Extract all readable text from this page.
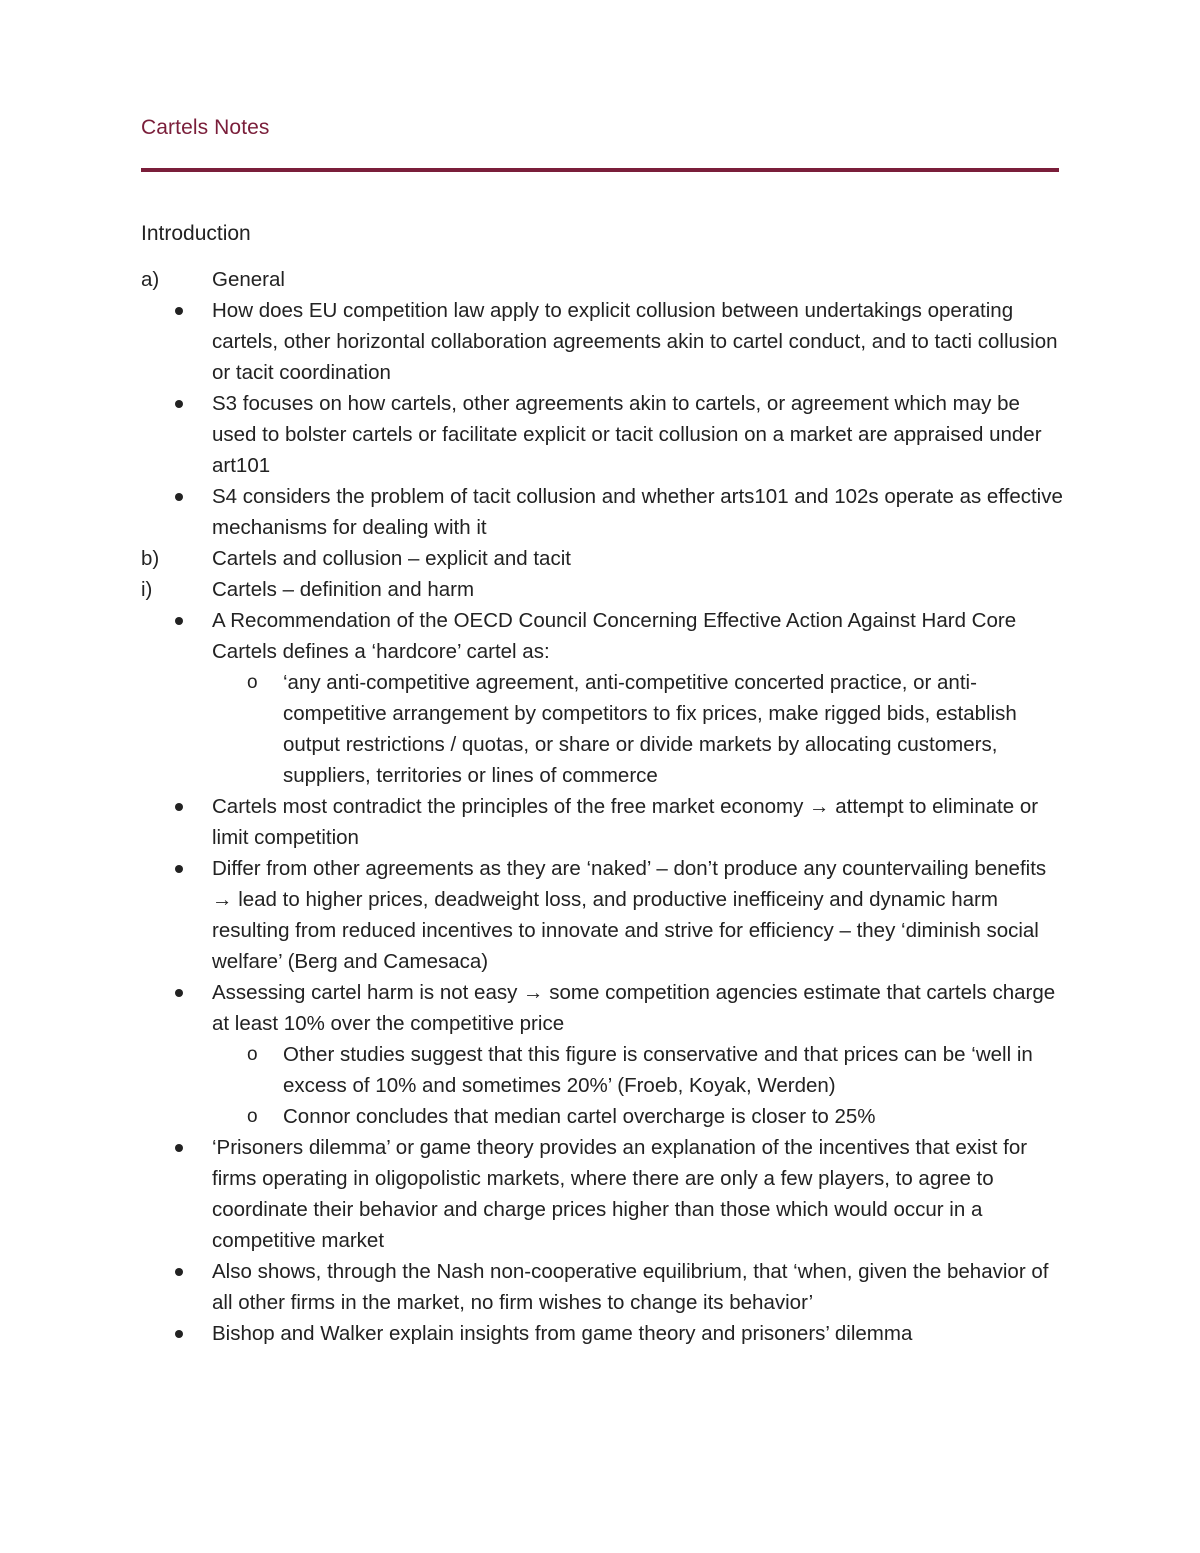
Cartels Notes
Introduction
a)	General
How does EU competition law apply to explicit collusion between undertakings operating cartels, other horizontal collaboration agreements akin to cartel conduct, and to tacti collusion or tacit coordination
S3 focuses on how cartels, other agreements akin to cartels, or agreement which may be used to bolster cartels or facilitate explicit or tacit collusion on a market are appraised under art101
S4 considers the problem of tacit collusion and whether arts101 and 102s operate as effective mechanisms for dealing with it
b)	Cartels and collusion – explicit and tacit
i)	Cartels – definition and harm
A Recommendation of the OECD Council Concerning Effective Action Against Hard Core Cartels defines a ‘hardcore’ cartel as:
o	‘any anti-competitive agreement, anti-competitive concerted practice, or anti-competitive arrangement by competitors to fix prices, make rigged bids, establish output restrictions / quotas, or share or divide markets by allocating customers, suppliers, territories or lines of commerce
Cartels most contradict the principles of the free market economy → attempt to eliminate or limit competition
Differ from other agreements as they are ‘naked’ – don’t produce any countervailing benefits → lead to higher prices, deadweight loss, and productive inefficeiny and dynamic harm resulting from reduced incentives to innovate and strive for efficiency – they ‘diminish social welfare’ (Berg and Camesaca)
Assessing cartel harm is not easy → some competition agencies estimate that cartels charge at least 10% over the competitive price
o	Other studies suggest that this figure is conservative and that prices can be ‘well in excess of 10% and sometimes 20%’ (Froeb, Koyak, Werden)
o	Connor concludes that median cartel overcharge is closer to 25%
‘Prisoners dilemma’ or game theory provides an explanation of the incentives that exist for firms operating in oligopolistic markets, where there are only a few players, to agree to coordinate their behavior and charge prices higher than those which would occur in a competitive market
Also shows, through the Nash non-cooperative equilibrium, that ‘when, given the behavior of all other firms in the market, no firm wishes to change its behavior’
Bishop and Walker explain insights from game theory and prisoners’ dilemma
